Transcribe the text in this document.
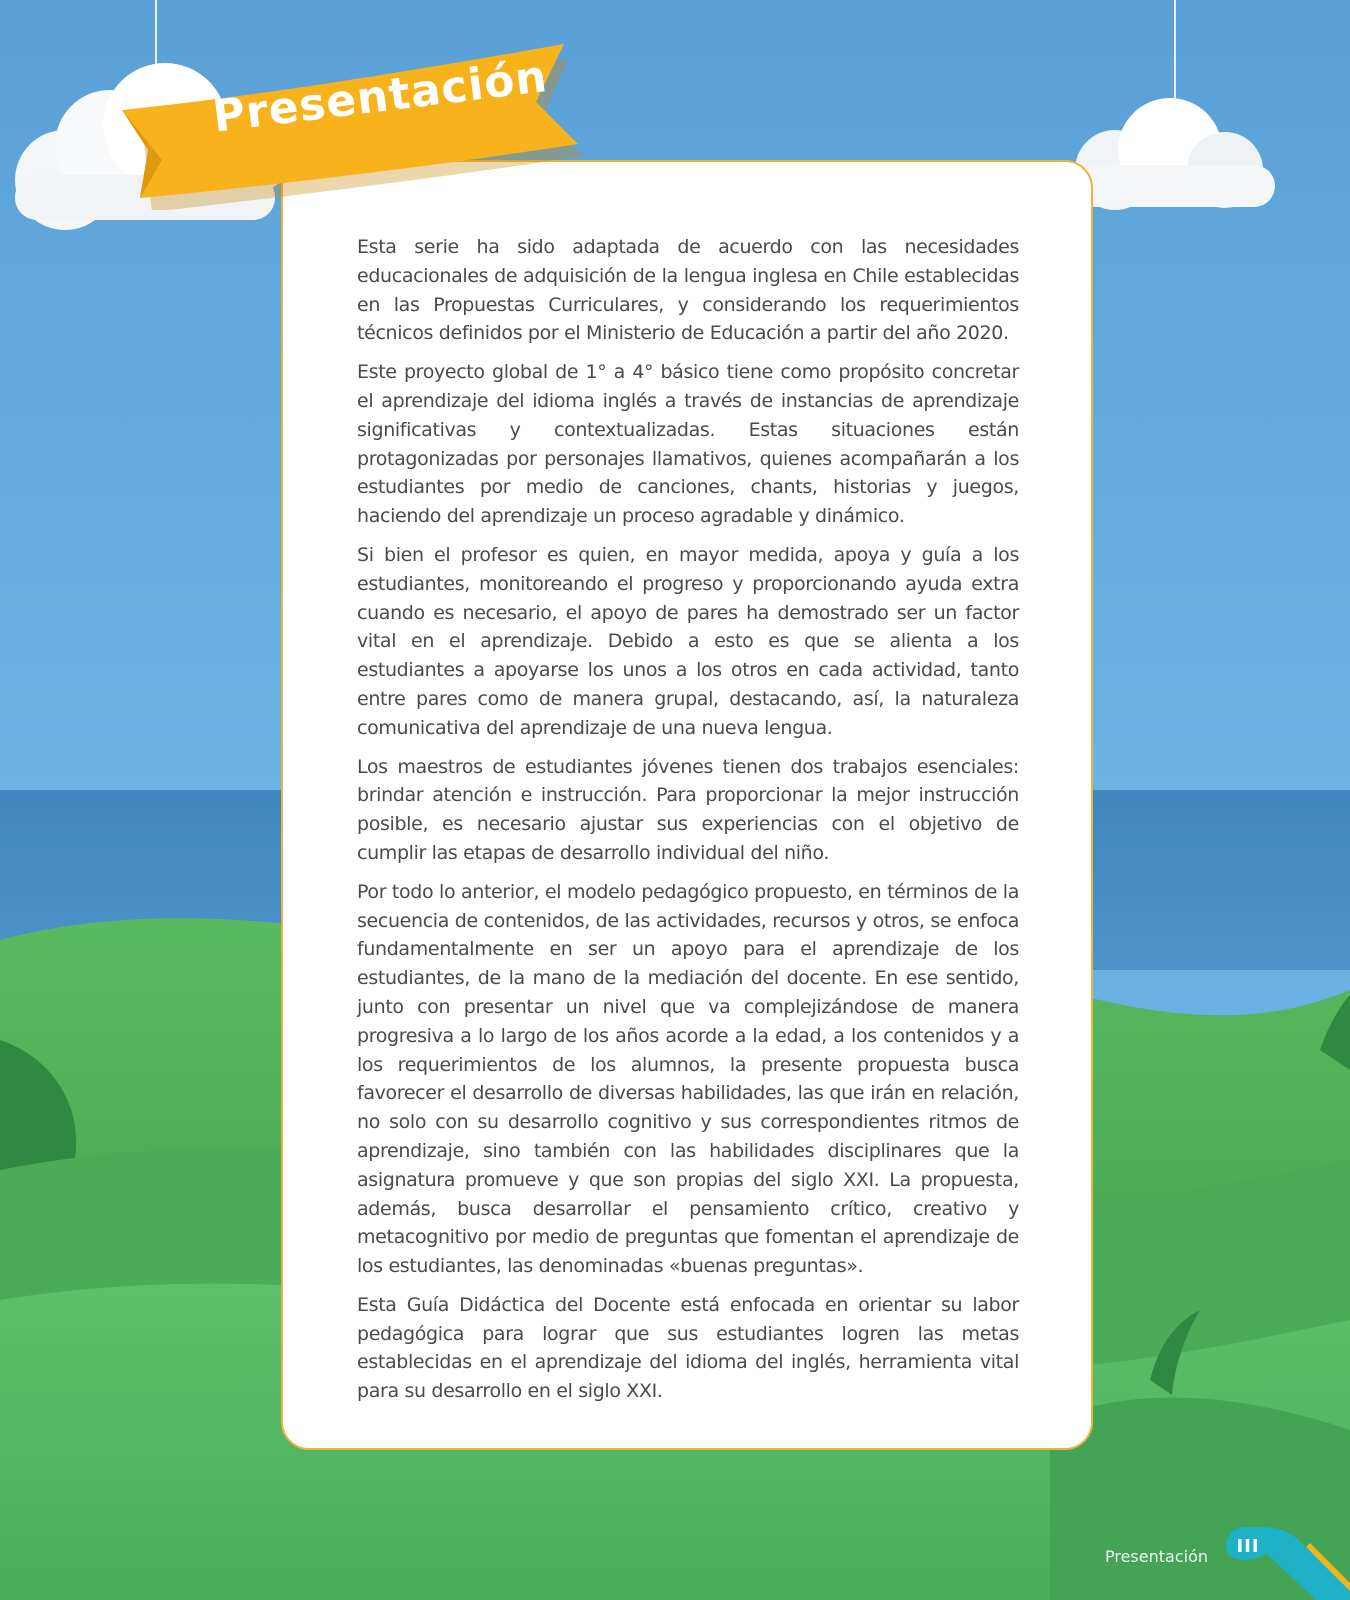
Presentación

Esta serie ha sido adaptada de acuerdo con las necesidades educacionales de adquisición de la lengua inglesa en Chile establecidas en las Propuestas Curriculares, y considerando los requerimientos técnicos definidos por el Ministerio de Educación a partir del año 2020.

Este proyecto global de 1° a 4° básico tiene como propósito concretar el aprendizaje del idioma inglés a través de instancias de aprendizaje significativas y contextualizadas. Estas situaciones están protagonizadas por personajes llamativos, quienes acompañarán a los estudiantes por medio de canciones, chants, historias y juegos, haciendo del aprendizaje un proceso agradable y dinámico.

Si bien el profesor es quien, en mayor medida, apoya y guía a los estudiantes, monitoreando el progreso y proporcionando ayuda extra cuando es necesario, el apoyo de pares ha demostrado ser un factor vital en el aprendizaje. Debido a esto es que se alienta a los estudiantes a apoyarse los unos a los otros en cada actividad, tanto entre pares como de manera grupal, destacando, así, la naturaleza comunicativa del aprendizaje de una nueva lengua.

Los maestros de estudiantes jóvenes tienen dos trabajos esenciales: brindar atención e instrucción. Para proporcionar la mejor instrucción posible, es necesario ajustar sus experiencias con el objetivo de cumplir las etapas de desarrollo individual del niño.

Por todo lo anterior, el modelo pedagógico propuesto, en términos de la secuencia de contenidos, de las actividades, recursos y otros, se enfoca fundamentalmente en ser un apoyo para el aprendizaje de los estudiantes, de la mano de la mediación del docente. En ese sentido, junto con presentar un nivel que va complejizándose de manera progresiva a lo largo de los años acorde a la edad, a los contenidos y a los requerimientos de los alumnos, la presente propuesta busca favorecer el desarrollo de diversas habilidades, las que irán en relación, no solo con su desarrollo cognitivo y sus correspondientes ritmos de aprendizaje, sino también con las habilidades disciplinares que la asignatura promueve y que son propias del siglo XXI. La propuesta, además, busca desarrollar el pensamiento crítico, creativo y metacognitivo por medio de preguntas que fomentan el aprendizaje de los estudiantes, las denominadas «buenas preguntas».

Esta Guía Didáctica del Docente está enfocada en orientar su labor pedagógica para lograr que sus estudiantes logren las metas establecidas en el aprendizaje del idioma del inglés, herramienta vital para su desarrollo en el siglo XXI.

Presentación	III
